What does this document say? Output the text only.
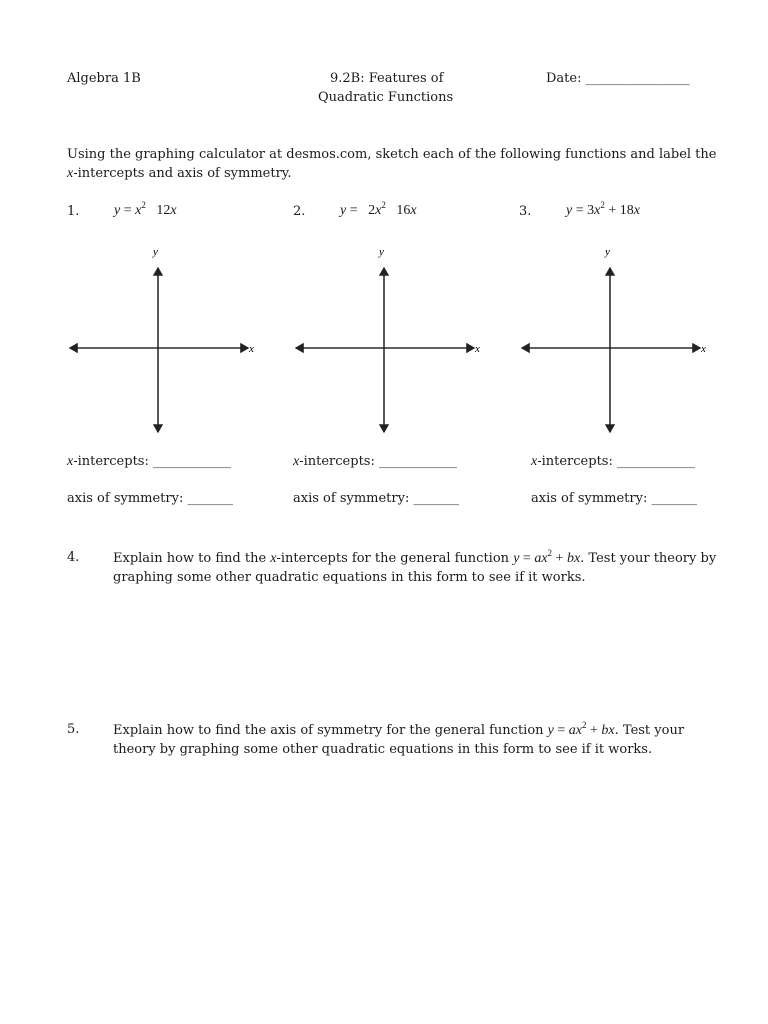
Algebra 1B	9.2B: Features of
Quadratic Functions
Date: ________________
Using the graphing calculator at desmos.com, sketch each of the following functions and label the
x-intercepts and axis of symmetry.
1. $y = x^2$   12x	2. $y = 2x^2$   16x	3. $y = 3x^2 + 18x$
y
x
y
x
y
x
x-intercepts: ____________	x-intercepts: ____________	x-intercepts: ____________
axis of symmetry: _______	axis of symmetry: _______	axis of symmetry: _______
4.	Explain how to find the x-intercepts for the general function $y = ax^2$ + bx. Test your theory by
graphing some other quadratic equations in this form to see if it works.
5.	Explain how to find the axis of symmetry for the general function $y = ax^2$ + bx. Test your
theory by graphing some other quadratic equations in this form to see if it works.
